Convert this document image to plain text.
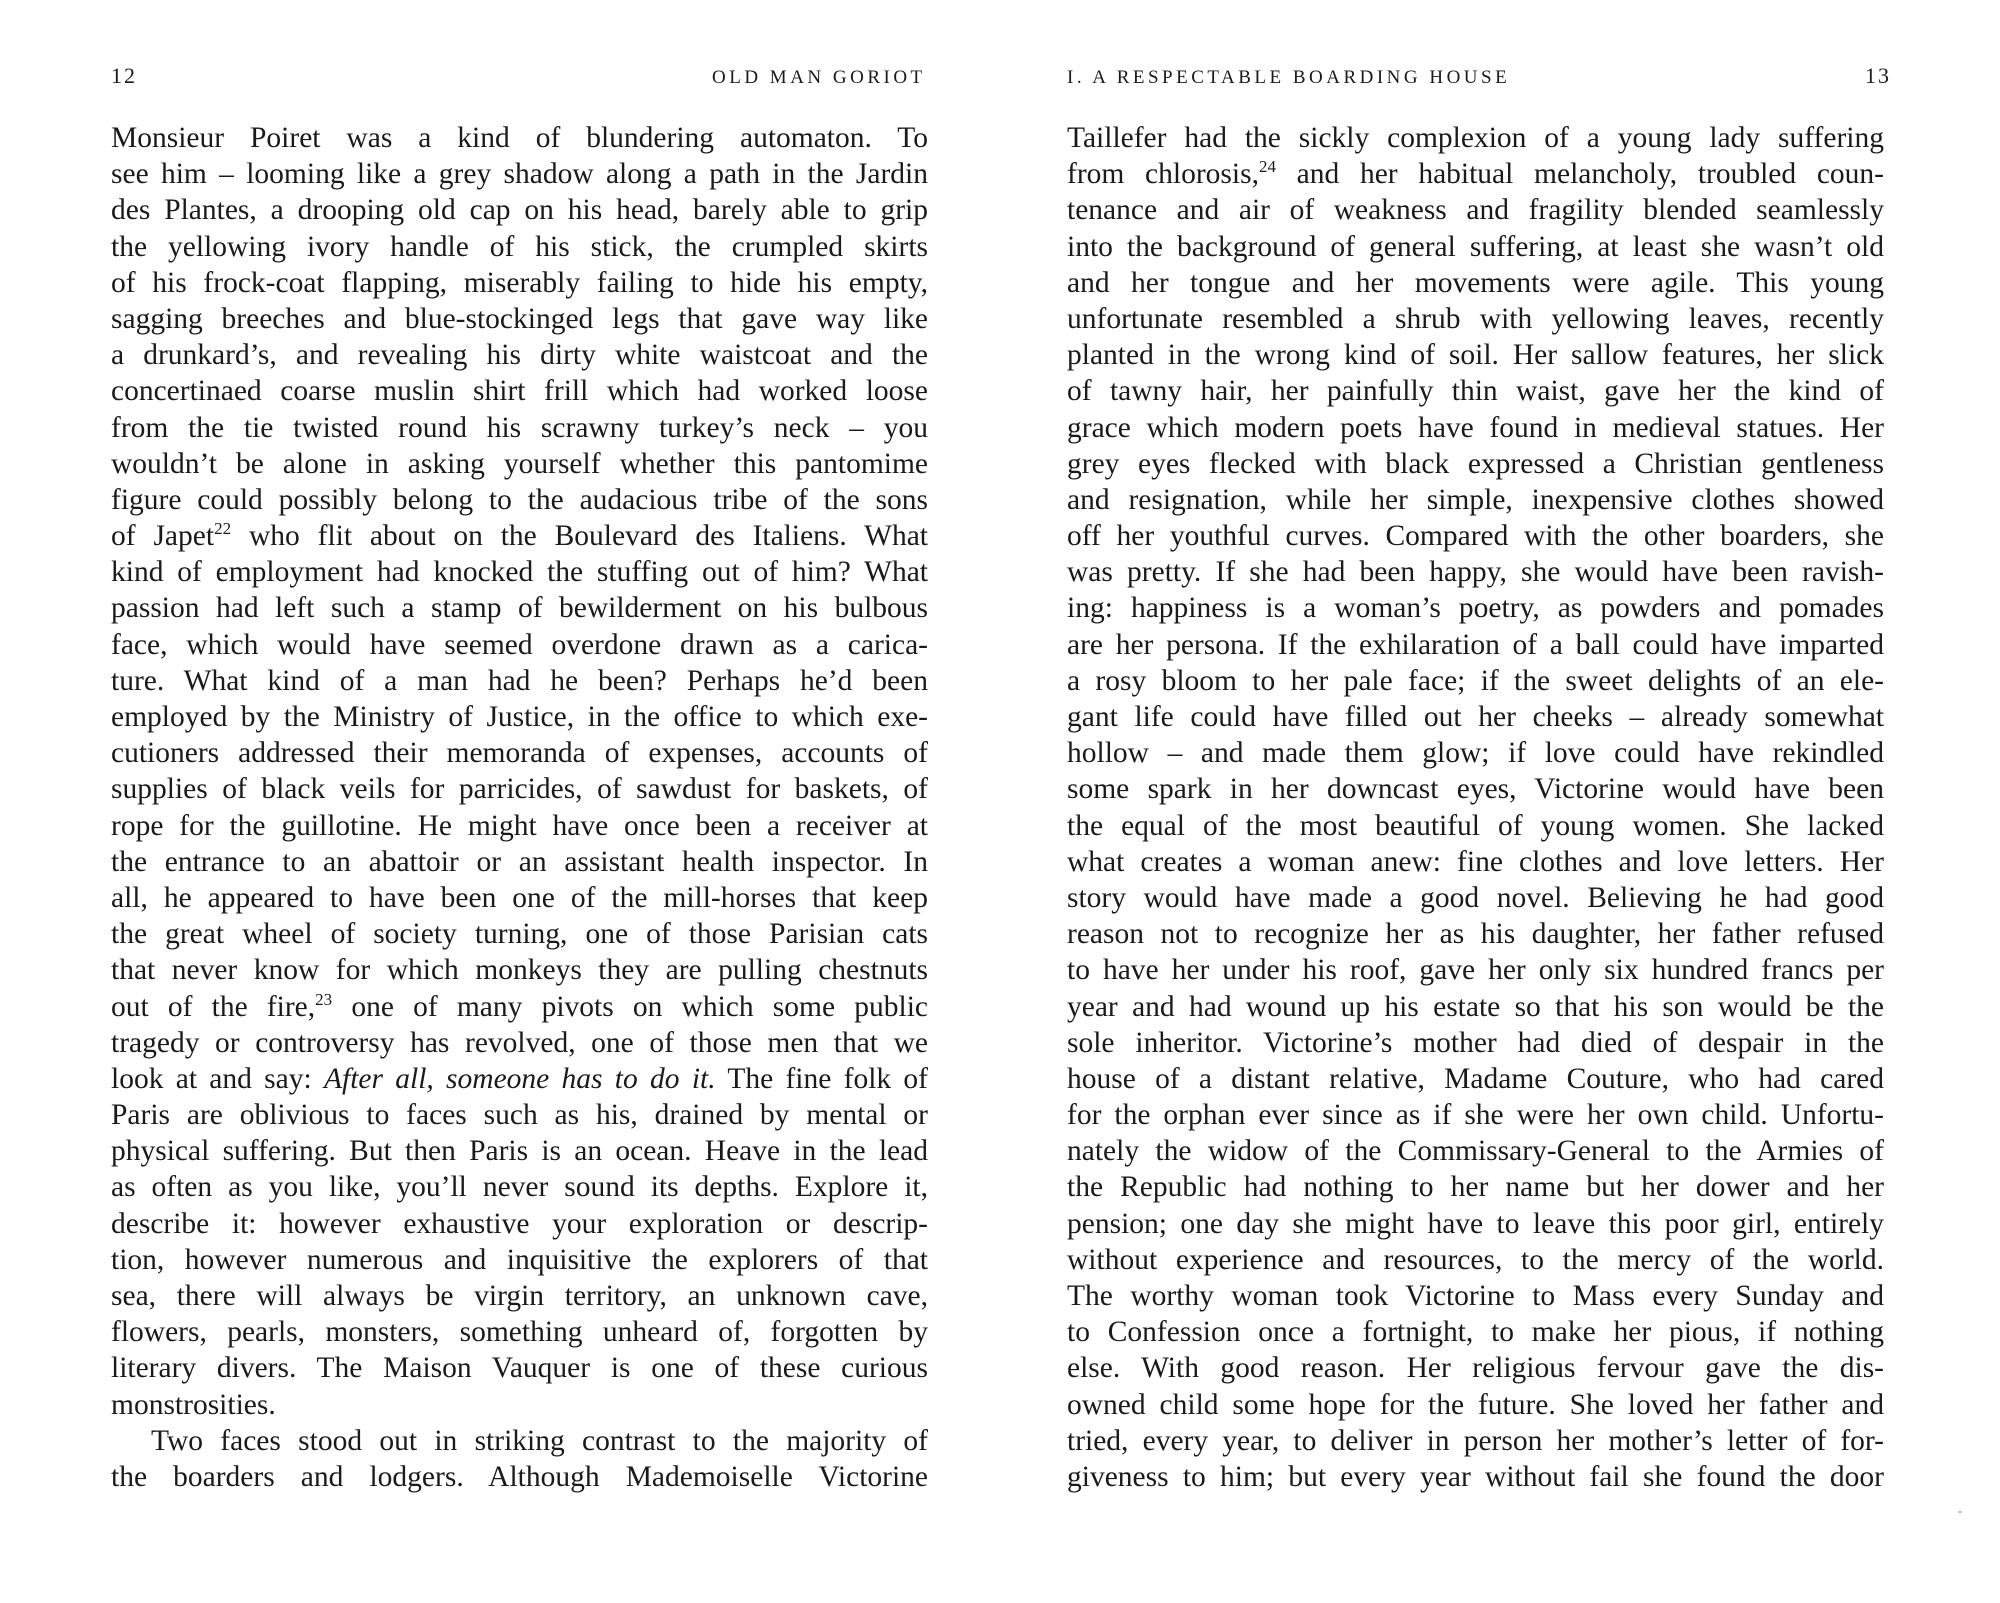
12	OLD MAN GORIOT
Monsieur Poiret was a kind of blundering automaton. To
see him – looming like a grey shadow along a path in the Jardin
des Plantes, a drooping old cap on his head, barely able to grip
the yellowing ivory handle of his stick, the crumpled skirts
of his frock-coat flapping, miserably failing to hide his empty,
sagging breeches and blue-stockinged legs that gave way like
a drunkard’s, and revealing his dirty white waistcoat and the
concertinaed coarse muslin shirt frill which had worked loose
from the tie twisted round his scrawny turkey’s neck – you
wouldn’t be alone in asking yourself whether this pantomime
figure could possibly belong to the audacious tribe of the sons
of Japet$^{22}$ who flit about on the Boulevard des Italiens. What
kind of employment had knocked the stuffing out of him? What
passion had left such a stamp of bewilderment on his bulbous
face, which would have seemed overdone drawn as a carica-
ture. What kind of a man had he been? Perhaps he’d been
employed by the Ministry of Justice, in the office to which exe-
cutioners addressed their memoranda of expenses, accounts of
supplies of black veils for parricides, of sawdust for baskets, of
rope for the guillotine. He might have once been a receiver at
the entrance to an abattoir or an assistant health inspector. In
all, he appeared to have been one of the mill-horses that keep
the great wheel of society turning, one of those Parisian cats
that never know for which monkeys they are pulling chestnuts
out of the fire,$^{23}$ one of many pivots on which some public
tragedy or controversy has revolved, one of those men that we
look at and say: After all, someone has to do it. The fine folk of
Paris are oblivious to faces such as his, drained by mental or
physical suffering. But then Paris is an ocean. Heave in the lead
as often as you like, you’ll never sound its depths. Explore it,
describe it: however exhaustive your exploration or descrip-
tion, however numerous and inquisitive the explorers of that
sea, there will always be virgin territory, an unknown cave,
flowers, pearls, monsters, something unheard of, forgotten by
literary divers. The Maison Vauquer is one of these curious
monstrosities.
Two faces stood out in striking contrast to the majority of
the boarders and lodgers. Although Mademoiselle Victorine
I. A RESPECTABLE BOARDING HOUSE	13
Taillefer had the sickly complexion of a young lady suffering
from chlorosis,$^{24}$ and her habitual melancholy, troubled coun-
tenance and air of weakness and fragility blended seamlessly
into the background of general suffering, at least she wasn’t old
and her tongue and her movements were agile. This young
unfortunate resembled a shrub with yellowing leaves, recently
planted in the wrong kind of soil. Her sallow features, her slick
of tawny hair, her painfully thin waist, gave her the kind of
grace which modern poets have found in medieval statues. Her
grey eyes flecked with black expressed a Christian gentleness
and resignation, while her simple, inexpensive clothes showed
off her youthful curves. Compared with the other boarders, she
was pretty. If she had been happy, she would have been ravish-
ing: happiness is a woman’s poetry, as powders and pomades
are her persona. If the exhilaration of a ball could have imparted
a rosy bloom to her pale face; if the sweet delights of an ele-
gant life could have filled out her cheeks – already somewhat
hollow – and made them glow; if love could have rekindled
some spark in her downcast eyes, Victorine would have been
the equal of the most beautiful of young women. She lacked
what creates a woman anew: fine clothes and love letters. Her
story would have made a good novel. Believing he had good
reason not to recognize her as his daughter, her father refused
to have her under his roof, gave her only six hundred francs per
year and had wound up his estate so that his son would be the
sole inheritor. Victorine’s mother had died of despair in the
house of a distant relative, Madame Couture, who had cared
for the orphan ever since as if she were her own child. Unfortu-
nately the widow of the Commissary-General to the Armies of
the Republic had nothing to her name but her dower and her
pension; one day she might have to leave this poor girl, entirely
without experience and resources, to the mercy of the world.
The worthy woman took Victorine to Mass every Sunday and
to Confession once a fortnight, to make her pious, if nothing
else. With good reason. Her religious fervour gave the dis-
owned child some hope for the future. She loved her father and
tried, every year, to deliver in person her mother’s letter of for-
giveness to him; but every year without fail she found the door
